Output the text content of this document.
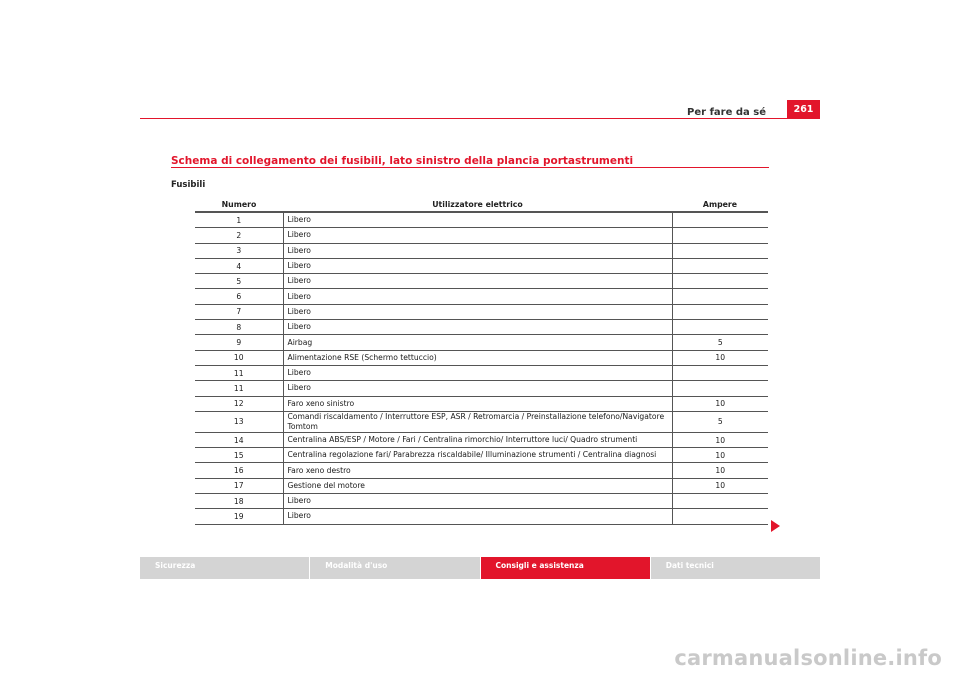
Per fare da sé	261
Schema di collegamento dei fusibili, lato sinistro della plancia portastrumenti
Fusibili
Numero	Utilizzatore elettrico	Ampere
1	Libero	
2	Libero	
3	Libero	
4	Libero	
5	Libero	
6	Libero	
7	Libero	
8	Libero	
9	Airbag	5
10	Alimentazione RSE (Schermo tettuccio)	10
11	Libero	
11	Libero	
12	Faro xeno sinistro	10
13	Comandi riscaldamento / Interruttore ESP, ASR / Retromarcia / Preinstallazione telefono/Navigatore Tomtom	5
14	Centralina ABS/ESP / Motore / Fari / Centralina rimorchio/ Interruttore luci/ Quadro strumenti	10
15	Centralina regolazione fari/ Parabrezza riscaldabile/ Illuminazione strumenti / Centralina diagnosi	10
16	Faro xeno destro	10
17	Gestione del motore	10
18	Libero	
19	Libero	
Sicurezza	Modalità d'uso	Consigli e assistenza	Dati tecnici
carmanualsonline.info
